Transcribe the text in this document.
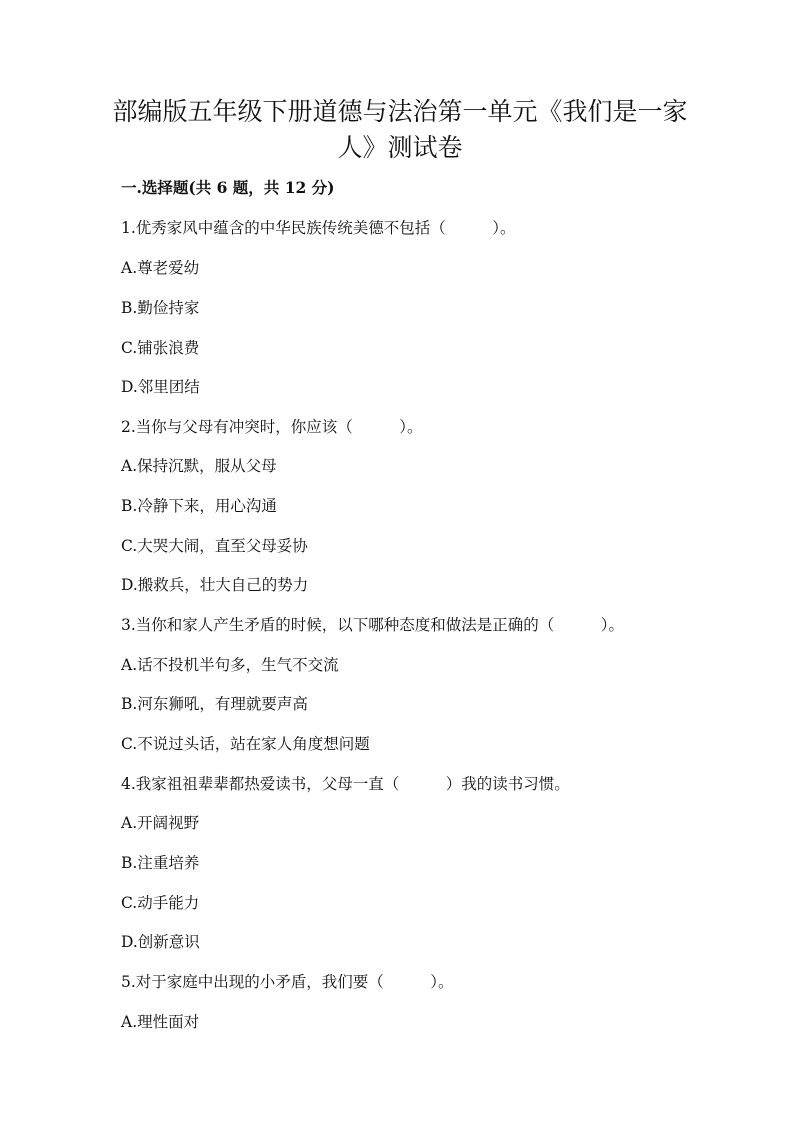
部编版五年级下册道德与法治第一单元《我们是一家人》测试卷
一.选择题(共 6 题，共 12 分)
1.优秀家风中蕴含的中华民族传统美德不包括（　　　）。
A.尊老爱幼
B.勤俭持家
C.铺张浪费
D.邻里团结
2.当你与父母有冲突时，你应该（　　　）。
A.保持沉默，服从父母
B.冷静下来，用心沟通
C.大哭大闹，直至父母妥协
D.搬救兵，壮大自己的势力
3.当你和家人产生矛盾的时候，以下哪种态度和做法是正确的（　　　）。
A.话不投机半句多，生气不交流
B.河东狮吼，有理就要声高
C.不说过头话，站在家人角度想问题
4.我家祖祖辈辈都热爱读书，父母一直（　　　）我的读书习惯。
A.开阔视野
B.注重培养
C.动手能力
D.创新意识
5.对于家庭中出现的小矛盾，我们要（　　　）。
A.理性面对
